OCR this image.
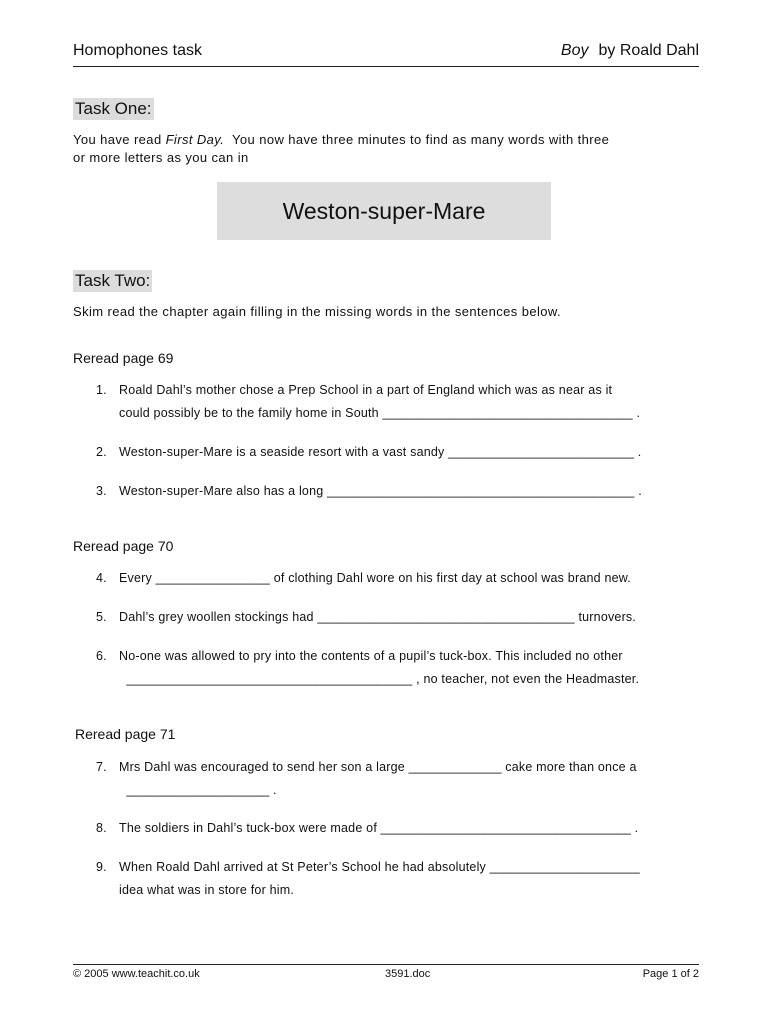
Homophones task	Boy by Roald Dahl
Task One:
You have read First Day.  You now have three minutes to find as many words with three
or more letters as you can in
Weston-super-Mare
Task Two:
Skim read the chapter again filling in the missing words in the sentences below.
Reread page 69
1. Roald Dahl’s mother chose a Prep School in a part of England which was as near as it
could possibly be to the family home in South ___________________________________ .
2. Weston-super-Mare is a seaside resort with a vast sandy __________________________ .
3. Weston-super-Mare also has a long ___________________________________________ .
Reread page 70
4. Every ________________ of clothing Dahl wore on his first day at school was brand new.
5. Dahl’s grey woollen stockings had ____________________________________ turnovers.
6. No-one was allowed to pry into the contents of a pupil’s tuck-box. This included no other
________________________________________ , no teacher, not even the Headmaster.
Reread page 71
7. Mrs Dahl was encouraged to send her son a large _____________ cake more than once a
____________________ .
8. The soldiers in Dahl’s tuck-box were made of ___________________________________ .
9. When Roald Dahl arrived at St Peter’s School he had absolutely _____________________
idea what was in store for him.
© 2005 www.teachit.co.uk	3591.doc	Page 1 of 2
